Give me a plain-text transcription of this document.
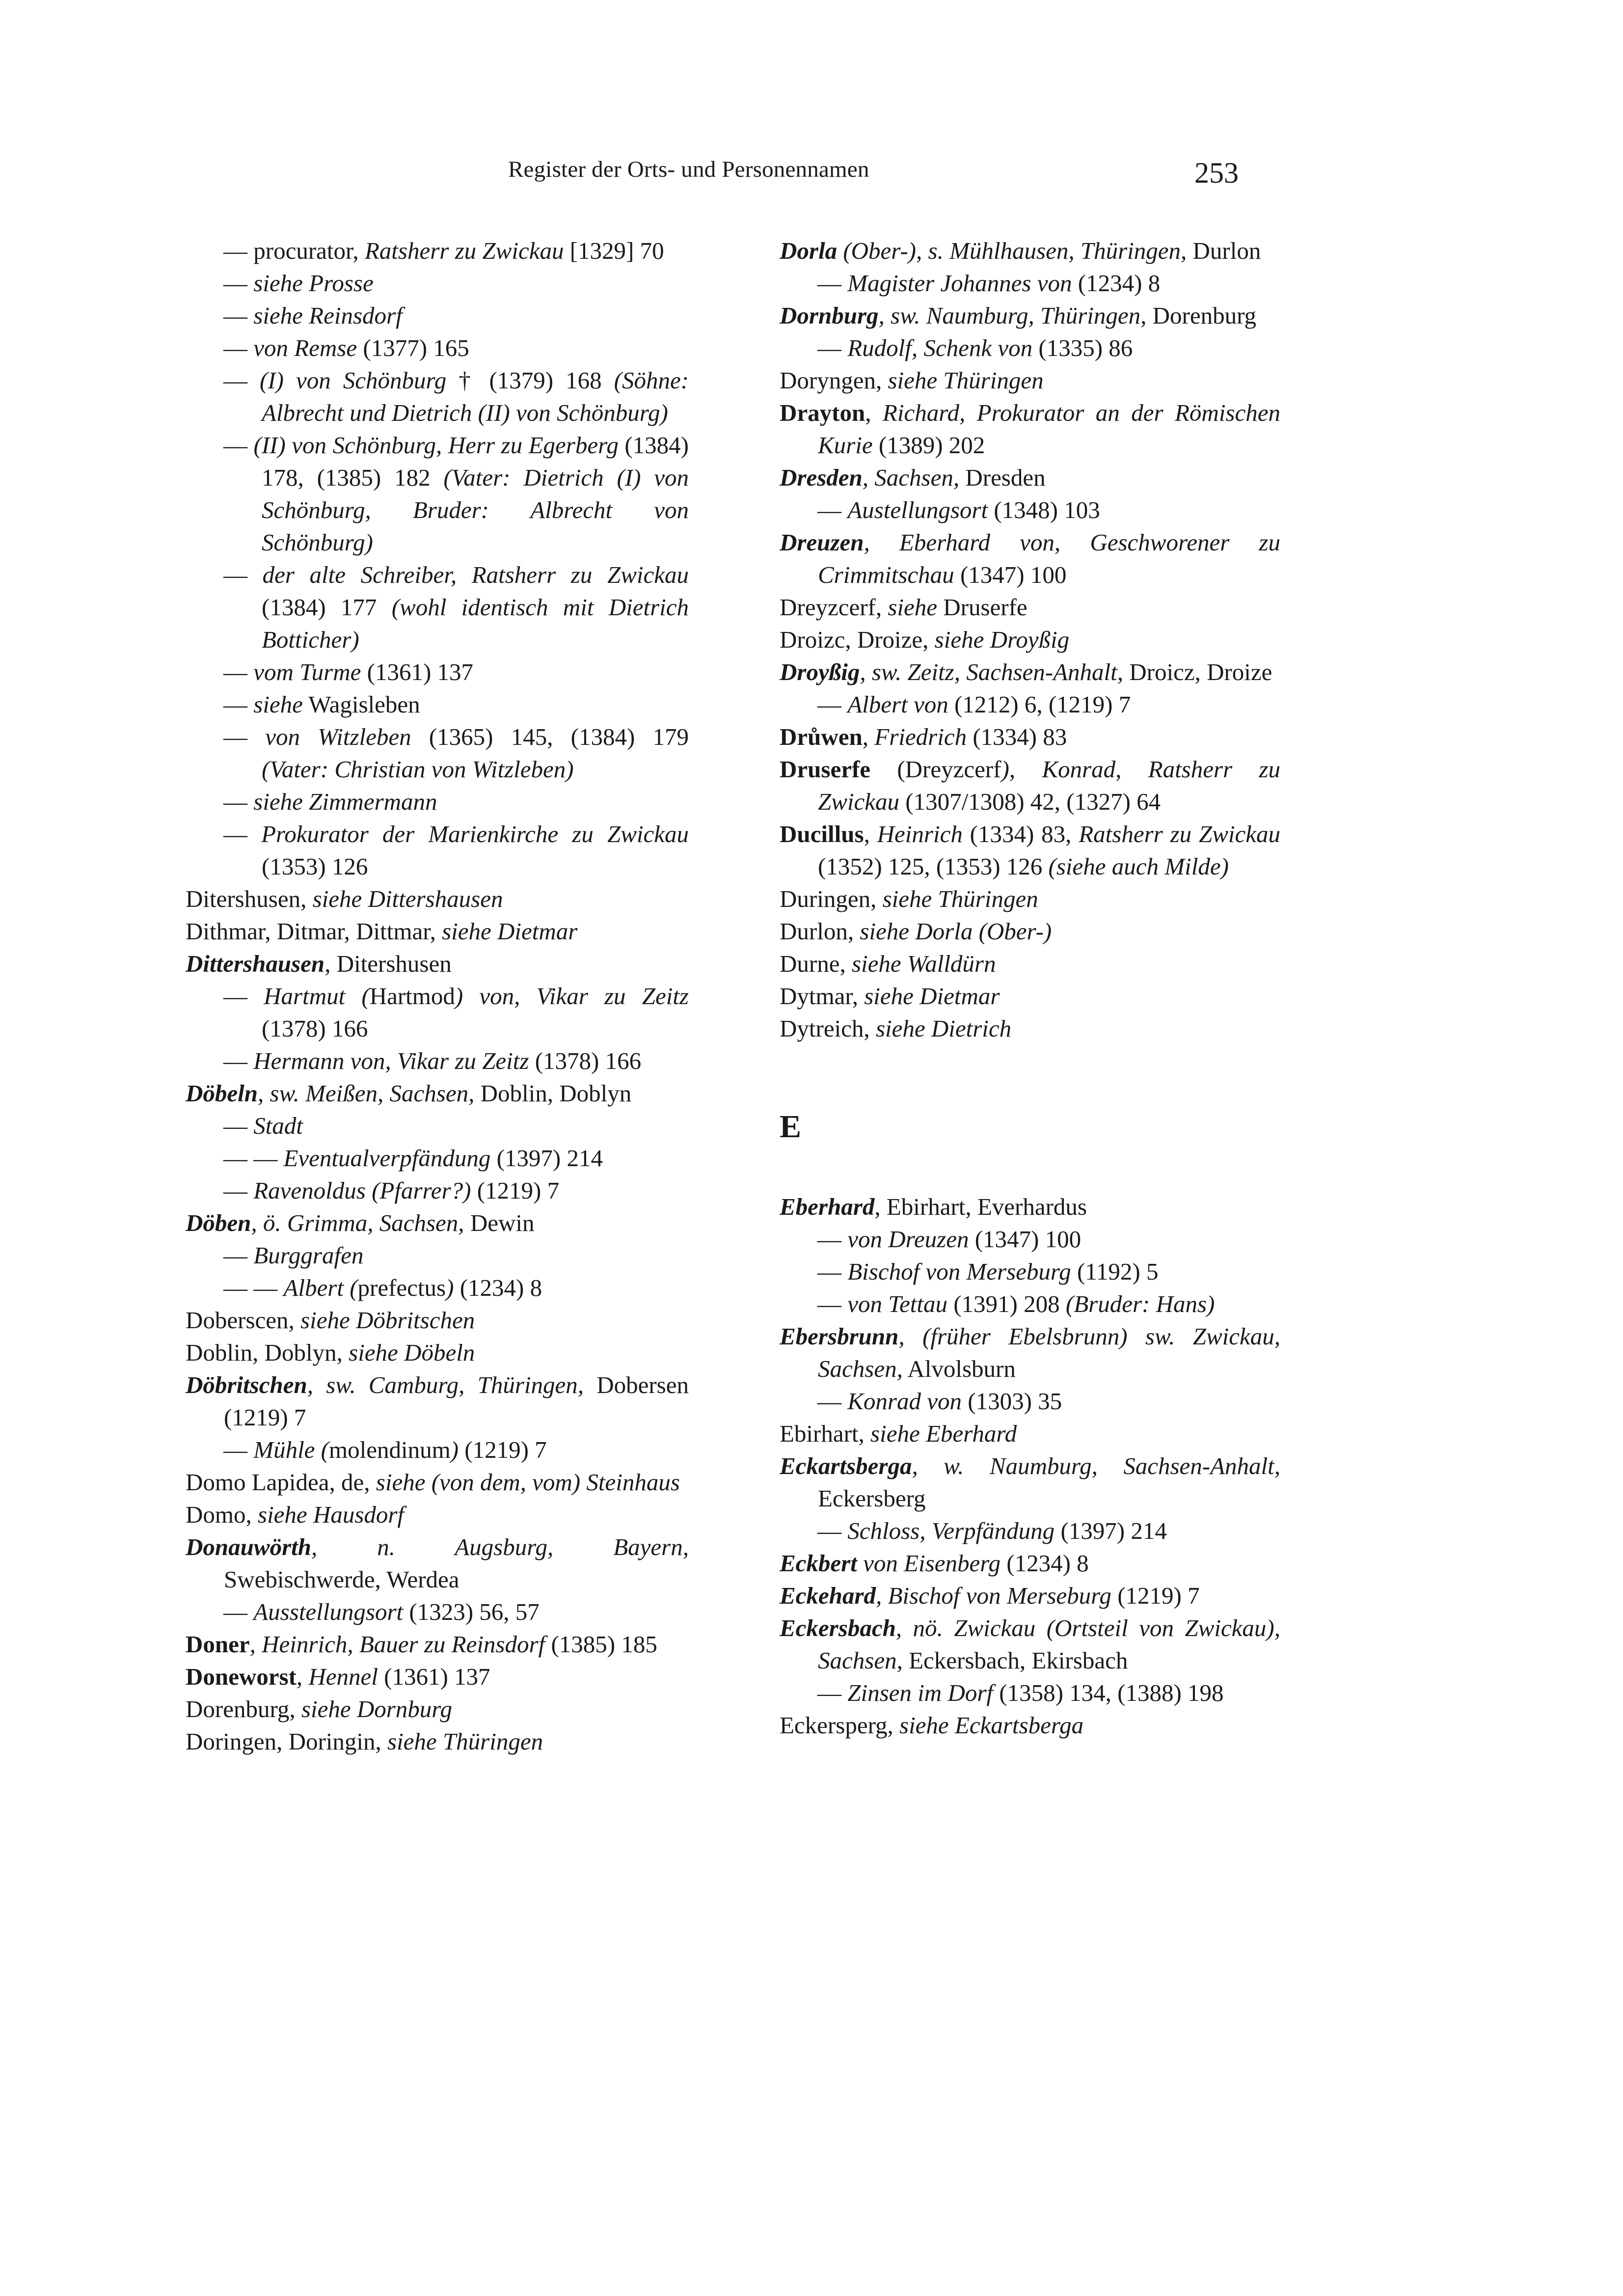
Register der Orts- und Personennamen	253
— procurator, Ratsherr zu Zwickau [1329] 70
— siehe Prosse
— siehe Reinsdorf
— von Remse (1377) 165
— (I) von Schönburg † (1379) 168 (Söhne: Albrecht und Dietrich (II) von Schönburg)
— (II) von Schönburg, Herr zu Egerberg (1384) 178, (1385) 182 (Vater: Dietrich (I) von Schönburg, Bruder: Albrecht von Schönburg)
— der alte Schreiber, Ratsherr zu Zwickau (1384) 177 (wohl identisch mit Dietrich Botticher)
— vom Turme (1361) 137
— siehe Wagisleben
— von Witzleben (1365) 145, (1384) 179 (Vater: Christian von Witzleben)
— siehe Zimmermann
— Prokurator der Marienkirche zu Zwickau (1353) 126
Ditershusen, siehe Dittershausen
Dithmar, Ditmar, Dittmar, siehe Dietmar
Dittershausen, Ditershusen
— Hartmut (Hartmod) von, Vikar zu Zeitz (1378) 166
— Hermann von, Vikar zu Zeitz (1378) 166
Döbeln, sw. Meißen, Sachsen, Doblin, Doblyn
— Stadt
— — Eventualverpfändung (1397) 214
— Ravenoldus (Pfarrer?) (1219) 7
Döben, ö. Grimma, Sachsen, Dewin
— Burggrafen
— — Albert (prefectus) (1234) 8
Doberscen, siehe Döbritschen
Doblin, Doblyn, siehe Döbeln
Döbritschen, sw. Camburg, Thüringen, Dobersen (1219) 7
— Mühle (molendinum) (1219) 7
Domo Lapidea, de, siehe (von dem, vom) Steinhaus
Domo, siehe Hausdorf
Donauwörth, n. Augsburg, Bayern, Swebischwerde, Werdea
— Ausstellungsort (1323) 56, 57
Doner, Heinrich, Bauer zu Reinsdorf (1385) 185
Doneworst, Hennel (1361) 137
Dorenburg, siehe Dornburg
Doringen, Doringin, siehe Thüringen
Dorla (Ober-), s. Mühlhausen, Thüringen, Durlon
— Magister Johannes von (1234) 8
Dornburg, sw. Naumburg, Thüringen, Dorenburg
— Rudolf, Schenk von (1335) 86
Doryngen, siehe Thüringen
Drayton, Richard, Prokurator an der Römischen Kurie (1389) 202
Dresden, Sachsen, Dresden
— Austellungsort (1348) 103
Dreuzen, Eberhard von, Geschworener zu Crimmitschau (1347) 100
Dreyzcerf, siehe Druserfe
Droizc, Droize, siehe Droyßig
Droyßig, sw. Zeitz, Sachsen-Anhalt, Droicz, Droize
— Albert von (1212) 6, (1219) 7
Drůwen, Friedrich (1334) 83
Druserfe (Dreyzcerf), Konrad, Ratsherr zu Zwickau (1307/1308) 42, (1327) 64
Ducillus, Heinrich (1334) 83, Ratsherr zu Zwickau (1352) 125, (1353) 126 (siehe auch Milde)
Duringen, siehe Thüringen
Durlon, siehe Dorla (Ober-)
Durne, siehe Walldürn
Dytmar, siehe Dietmar
Dytreich, siehe Dietrich
E
Eberhard, Ebirhart, Everhardus
— von Dreuzen (1347) 100
— Bischof von Merseburg (1192) 5
— von Tettau (1391) 208 (Bruder: Hans)
Ebersbrunn, (früher Ebelsbrunn) sw. Zwickau, Sachsen, Alvolsburn
— Konrad von (1303) 35
Ebirhart, siehe Eberhard
Eckartsberga, w. Naumburg, Sachsen-Anhalt, Eckersberg
— Schloss, Verpfändung (1397) 214
Eckbert von Eisenberg (1234) 8
Eckehard, Bischof von Merseburg (1219) 7
Eckersbach, nö. Zwickau (Ortsteil von Zwickau), Sachsen, Eckersbach, Ekirsbach
— Zinsen im Dorf (1358) 134, (1388) 198
Eckersperg, siehe Eckartsberga
